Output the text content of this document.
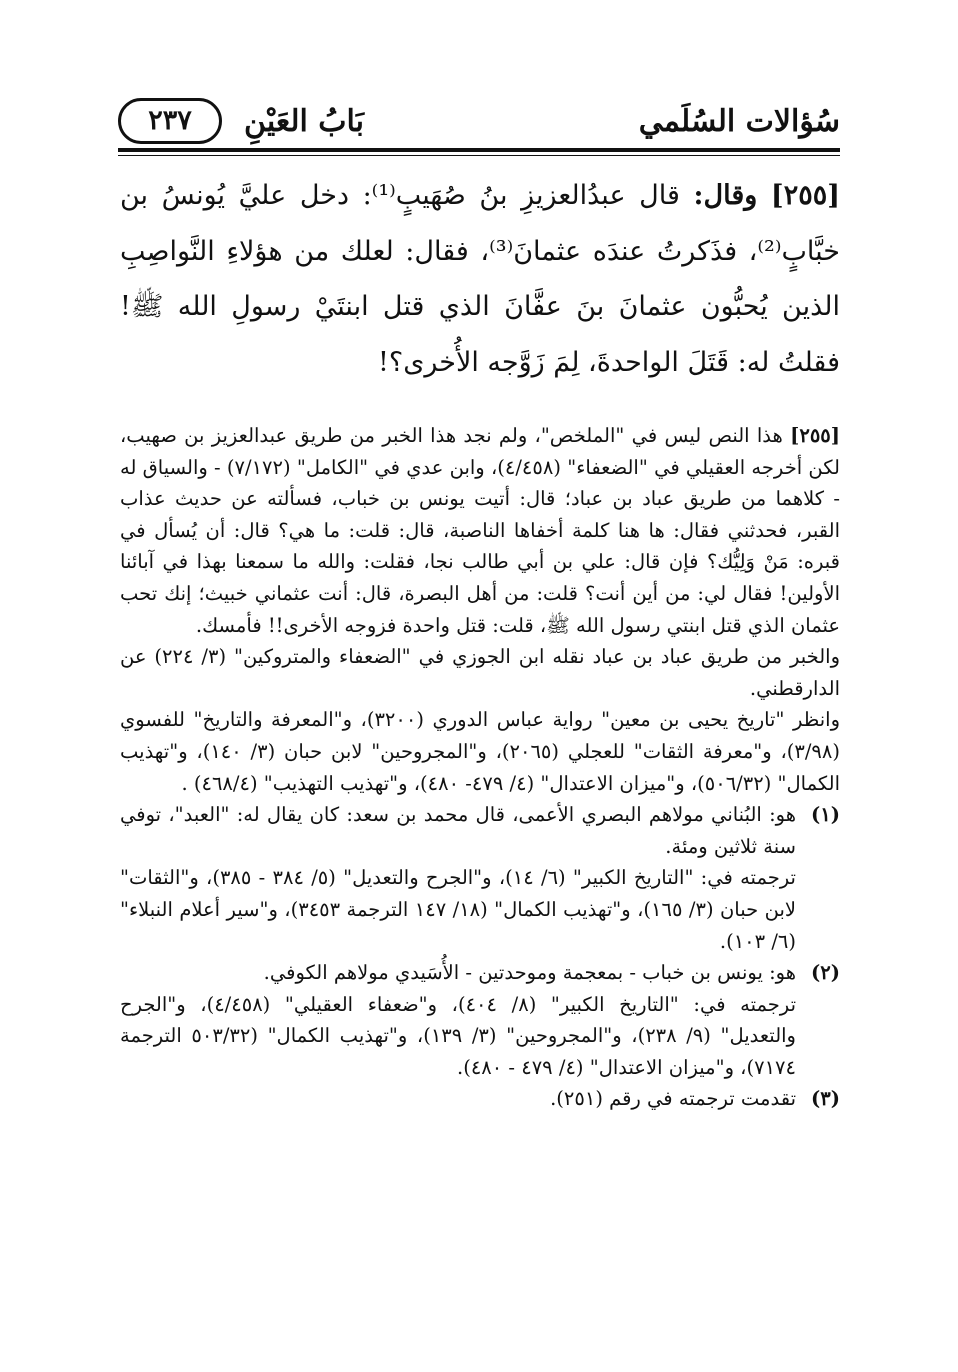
سُؤالات السُلَمي
بَابُ العَيْنِ
٢٣٧

[٢٥٥] وقال: قال عبدُالعزيزِ بنُ صُهَيبٍ⁽¹⁾: دخل عليَّ يُونسُ بن خبَّابٍ⁽²⁾، فذَكرتُ عندَه عثمانَ⁽³⁾، فقال: لعلك من هؤلاءِ النَّواصِبِ الذين يُحبُّون عثمانَ بنَ عفَّانَ الذي قتل ابنتَيْ رسولِ الله ﷺ! فقلتُ له: قَتَلَ الواحدةَ، لِمَ زَوَّجه الأُخرى؟!

[٢٥٥] هذا النص ليس في "الملخص"، ولم نجد هذا الخبر من طريق عبدالعزيز بن صهيب، لكن أخرجه العقيلي في "الضعفاء" (٤/٤٥٨)، وابن عدي في "الكامل" (٧/١٧٢) - والسياق له - كلاهما من طريق عباد بن عباد؛ قال: أتيت يونس بن خباب، فسألته عن حديث عذاب القبر، فحدثني فقال: ها هنا كلمة أخفاها الناصبة، قال: قلت: ما هي؟ قال: أن يُسأل في قبره: مَنْ وَلِيُّك؟ فإن قال: علي بن أبي طالب نجا، فقلت: والله ما سمعنا بهذا في آبائنا الأولين! فقال لي: من أين أنت؟ قلت: من أهل البصرة، قال: أنت عثماني خبيث؛ إنك تحب عثمان الذي قتل ابنتي رسول الله ﷺ، قلت: قتل واحدة فزوجه الأخرى!! فأمسك.

والخبر من طريق عباد بن عباد نقله ابن الجوزي في "الضعفاء والمتروكين" (٣/ ٢٢٤) عن الدارقطني.

وانظر "تاريخ يحيى بن معين" رواية عباس الدوري (٣٢٠٠)، و"المعرفة والتاريخ" للفسوي (٣/٩٨)، و"معرفة الثقات" للعجلي (٢٠٦٥)، و"المجروحين" لابن حبان (٣/ ١٤٠)، و"تهذيب الكمال" (٥٠٦/٣٢)، و"ميزان الاعتدال" (٤/ ٤٧٩- ٤٨٠)، و"تهذيب التهذيب" (٤٦٨/٤) .

(١)

هو: البُناني مولاهم البصري الأعمى، قال محمد بن سعد: كان يقال له: "العبد"، توفي سنة ثلاثين ومئة.

ترجمته في: "التاريخ الكبير" (٦/ ١٤)، و"الجرح والتعديل" (٥/ ٣٨٤ - ٣٨٥)، و"الثقات" لابن حبان (٣/ ١٦٥)، و"تهذيب الكمال" (١٨/ ١٤٧ الترجمة ٣٤٥٣)، و"سير أعلام النبلاء" (٦/ ١٠٣).

(٢)

هو: يونس بن خباب - بمعجمة وموحدتين - الأُسَيدي مولاهم الكوفي.

ترجمته في: "التاريخ الكبير" (٨/ ٤٠٤)، و"ضعفاء العقيلي" (٤/٤٥٨)، و"الجرح والتعديل" (٩/ ٢٣٨)، و"المجروحين" (٣/ ١٣٩)، و"تهذيب الكمال" (٥٠٣/٣٢ الترجمة ٧١٧٤)، و"ميزان الاعتدال" (٤/ ٤٧٩ - ٤٨٠).

(٣)

تقدمت ترجمته في رقم (٢٥١).
